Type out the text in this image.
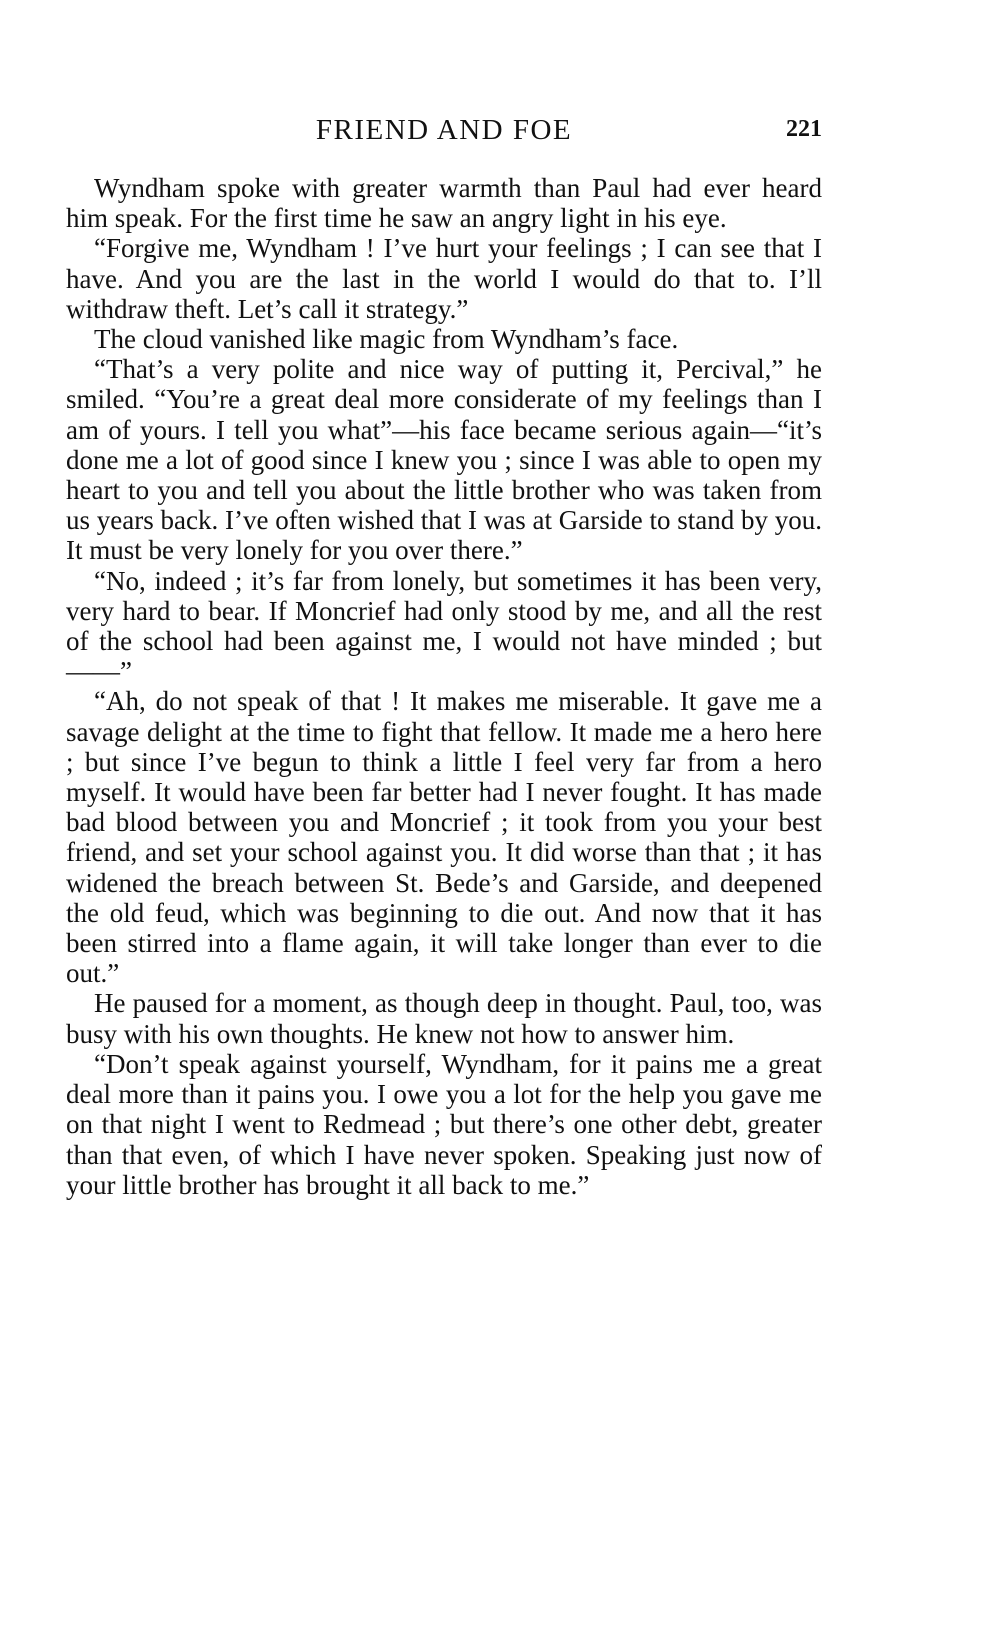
FRIEND AND FOE	221

Wyndham spoke with greater warmth than Paul had ever heard him speak. For the first time he saw an angry light in his eye.

“Forgive me, Wyndham ! I’ve hurt your feelings ; I can see that I have. And you are the last in the world I would do that to. I’ll withdraw theft. Let’s call it strategy.”

The cloud vanished like magic from Wyndham’s face.

“That’s a very polite and nice way of putting it, Percival,” he smiled. “You’re a great deal more considerate of my feelings than I am of yours. I tell you what”—his face became serious again—“it’s done me a lot of good since I knew you ; since I was able to open my heart to you and tell you about the little brother who was taken from us years back. I’ve often wished that I was at Garside to stand by you. It must be very lonely for you over there.”

“No, indeed ; it’s far from lonely, but sometimes it has been very, very hard to bear. If Moncrief had only stood by me, and all the rest of the school had been against me, I would not have minded ; but——”

“Ah, do not speak of that ! It makes me miserable. It gave me a savage delight at the time to fight that fellow. It made me a hero here ; but since I’ve begun to think a little I feel very far from a hero myself. It would have been far better had I never fought. It has made bad blood between you and Moncrief ; it took from you your best friend, and set your school against you. It did worse than that ; it has widened the breach between St. Bede’s and Garside, and deepened the old feud, which was beginning to die out. And now that it has been stirred into a flame again, it will take longer than ever to die out.”

He paused for a moment, as though deep in thought. Paul, too, was busy with his own thoughts. He knew not how to answer him.

“Don’t speak against yourself, Wyndham, for it pains me a great deal more than it pains you. I owe you a lot for the help you gave me on that night I went to Redmead ; but there’s one other debt, greater than that even, of which I have never spoken. Speaking just now of your little brother has brought it all back to me.”
